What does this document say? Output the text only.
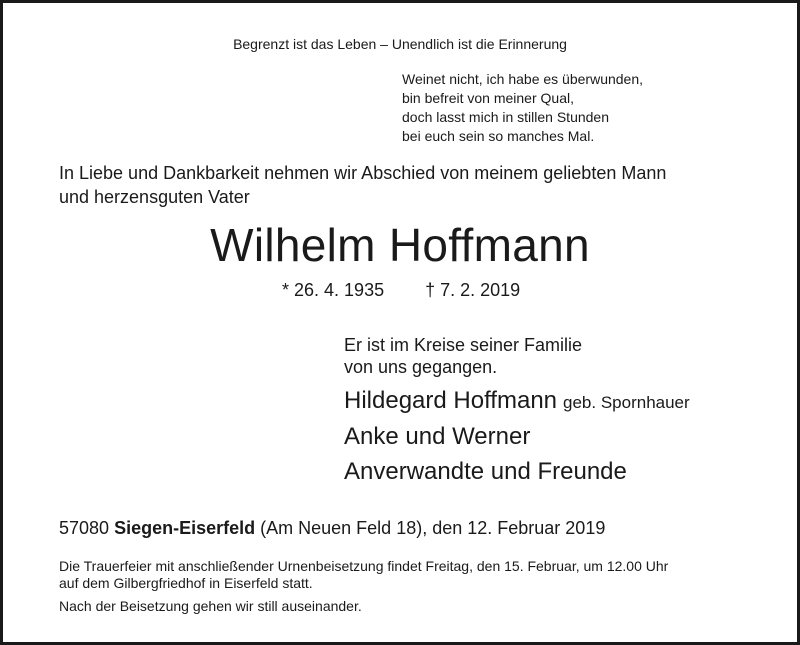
Begrenzt ist das Leben – Unendlich ist die Erinnerung
Weinet nicht, ich habe es überwunden,
bin befreit von meiner Qual,
doch lasst mich in stillen Stunden
bei euch sein so manches Mal.
In Liebe und Dankbarkeit nehmen wir Abschied von meinem geliebten Mann
und herzensguten Vater
Wilhelm Hoffmann
* 26. 4. 1935 † 7. 2. 2019
Er ist im Kreise seiner Familie
von uns gegangen.
Hildegard Hoffmann geb. Spornhauer
Anke und Werner
Anverwandte und Freunde
57080 Siegen-Eiserfeld (Am Neuen Feld 18), den 12. Februar 2019
Die Trauerfeier mit anschließender Urnenbeisetzung findet Freitag, den 15. Februar, um 12.00 Uhr
auf dem Gilbergfriedhof in Eiserfeld statt.
Nach der Beisetzung gehen wir still auseinander.
